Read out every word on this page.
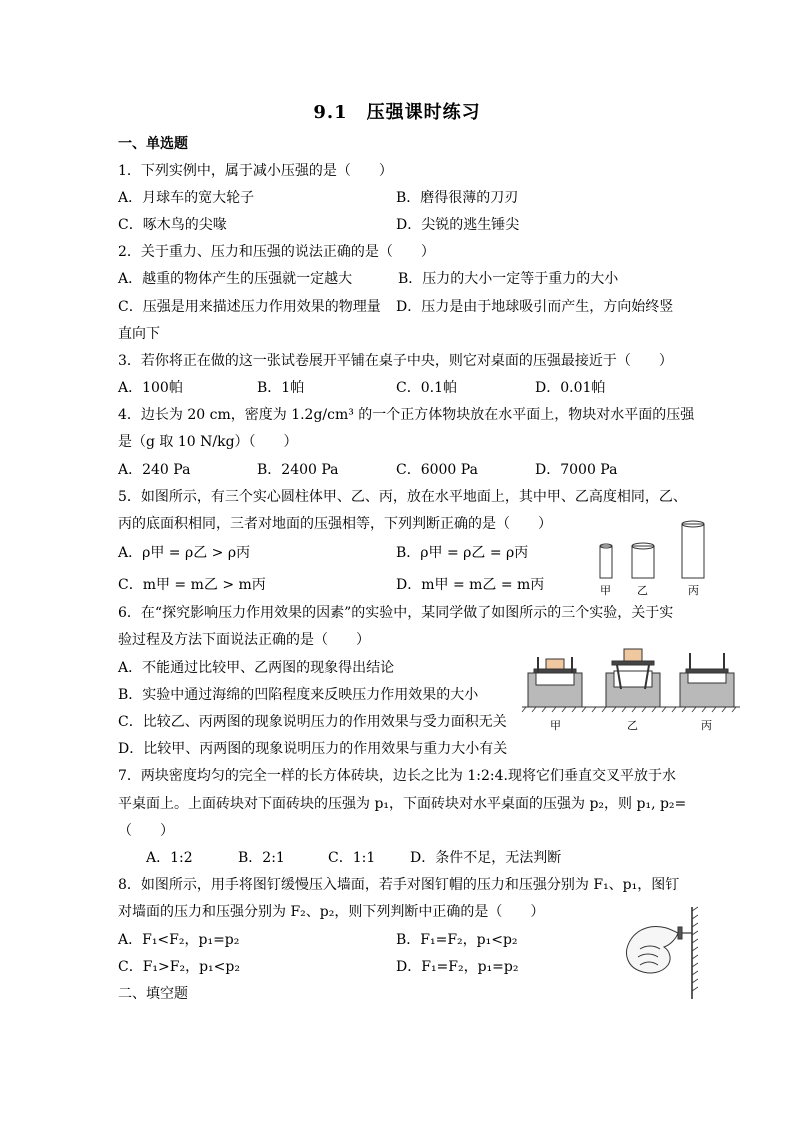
9.1　压强课时练习
一、单选题
1．下列实例中，属于减小压强的是（　　）
A．月球车的宽大轮子	B．磨得很薄的刀刃
C．啄木鸟的尖喙	D．尖锐的逃生锤尖
2．关于重力、压力和压强的说法正确的是（　　）
A．越重的物体产生的压强就一定越大	B．压力的大小一定等于重力的大小
C．压强是用来描述压力作用效果的物理量 D．压力是由于地球吸引而产生，方向始终竖
直向下
3．若你将正在做的这一张试卷展开平铺在桌子中央，则它对桌面的压强最接近于（　　）
A．100帕	B．1帕	C．0.1帕	D．0.01帕
4．边长为 20 cm，密度为 1.2g/cm³ 的一个正方体物块放在水平面上，物块对水平面的压强
是（g 取 10 N/kg）（　　）
A．240 Pa	B．2400 Pa	C．6000 Pa	D．7000 Pa
5．如图所示，有三个实心圆柱体甲、乙、丙，放在水平地面上，其中甲、乙高度相同，乙、
丙的底面积相同，三者对地面的压强相等，下列判断正确的是（　　）
A．ρ甲 = ρ乙 > ρ丙	B．ρ甲 = ρ乙 = ρ丙
C．m甲 = m乙 > m丙	D．m甲 = m乙 = m丙	甲 乙	丙
6．在“探究影响压力作用效果的因素”的实验中，某同学做了如图所示的三个实验，关于实
验过程及方法下面说法正确的是（　　）
A．不能通过比较甲、乙两图的现象得出结论
B．实验中通过海绵的凹陷程度来反映压力作用效果的大小
C．比较乙、丙两图的现象说明压力的作用效果与受力面积无关
D．比较甲、丙两图的现象说明压力的作用效果与重力大小有关
甲	乙	丙
7．两块密度均匀的完全一样的长方体砖块，边长之比为 1:2:4.现将它们垂直交叉平放于水
平桌面上。上面砖块对下面砖块的压强为 p₁，下面砖块对水平桌面的压强为 p₂，则 p₁, p₂=
（　　）
A．1:2	B．2:1	C．1:1 D．条件不足，无法判断
8．如图所示，用手将图钉缓慢压入墙面，若手对图钉帽的压力和压强分别为 F₁、p₁，图钉
对墙面的压力和压强分别为 F₂、p₂，则下列判断中正确的是（　　）
A．F₁<F₂，p₁=p₂	B．F₁=F₂，p₁<p₂
C．F₁>F₂，p₁<p₂	D．F₁=F₂，p₁=p₂
二、填空题
